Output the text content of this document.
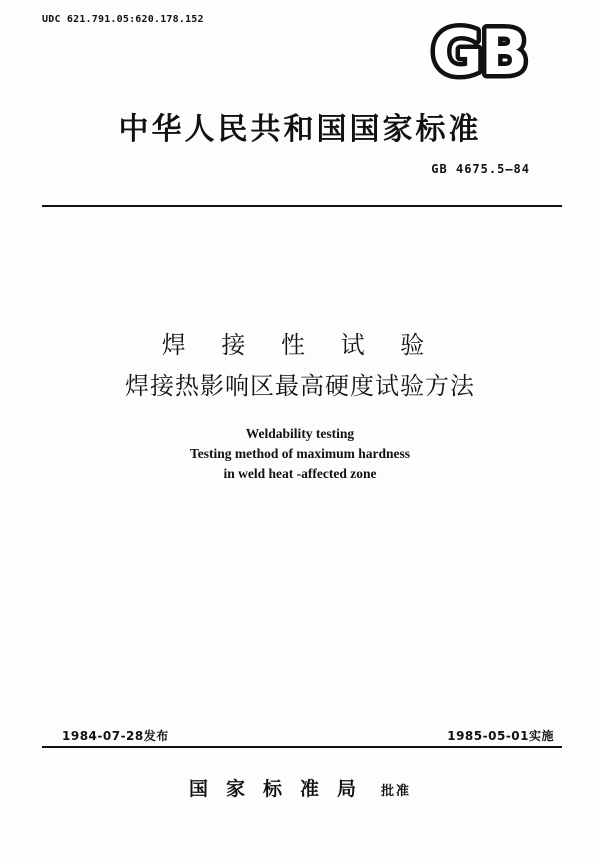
UDC 621.791.05:620.178.152	GB
中华人民共和国国家标准
GB 4675.5—84
焊 接 性 试 验
焊接热影响区最高硬度试验方法
Weldability testing
Testing method of maximum hardness
in weld heat -affected zone
1984-07-28发布	1985-05-01实施
国家标准局 批准
